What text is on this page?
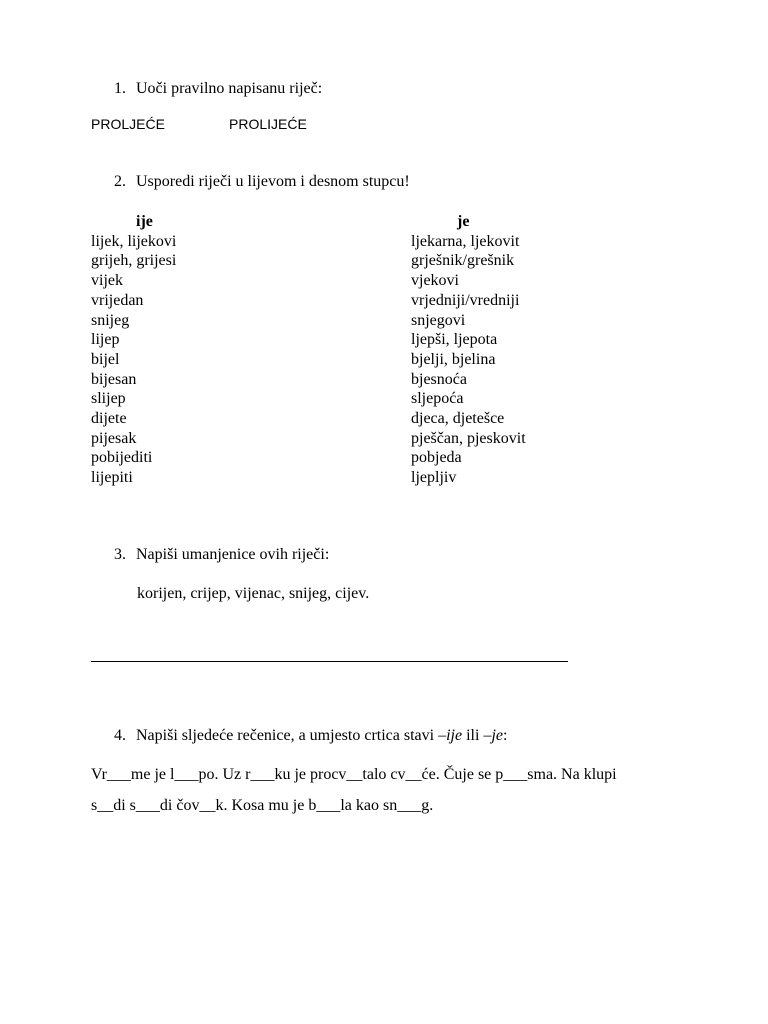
1. Uoči pravilno napisanu riječ:
PROLJEĆE	PROLIJEĆE
2. Usporedi riječi u lijevom i desnom stupcu!
ije
lijek, lijekovi
grijeh, grijesi
vijek
vrijedan
snijeg
lijep
bijel
bijesan
slijep
dijete
pijesak
pobijediti
lijepiti
je
ljekarna, ljekovit
grješnik/grešnik
vjekovi
vrjedniji/vredniji
snjegovi
ljepši, ljepota
bjelji, bjelina
bjesnoća
sljepoća
djeca, djetešce
pješčan, pjeskovit
pobjeda
ljepljiv
3. Napiši umanjenice ovih riječi:
korijen, crijep, vijenac, snijeg, cijev.
4. Napiši sljedeće rečenice, a umjesto crtica stavi –ije ili –je:
Vr___me je l___po. Uz r___ku je procv__talo cv__će. Čuje se p___sma. Na klupi
s__di s___di čov__k. Kosa mu je b___la kao sn___g.
